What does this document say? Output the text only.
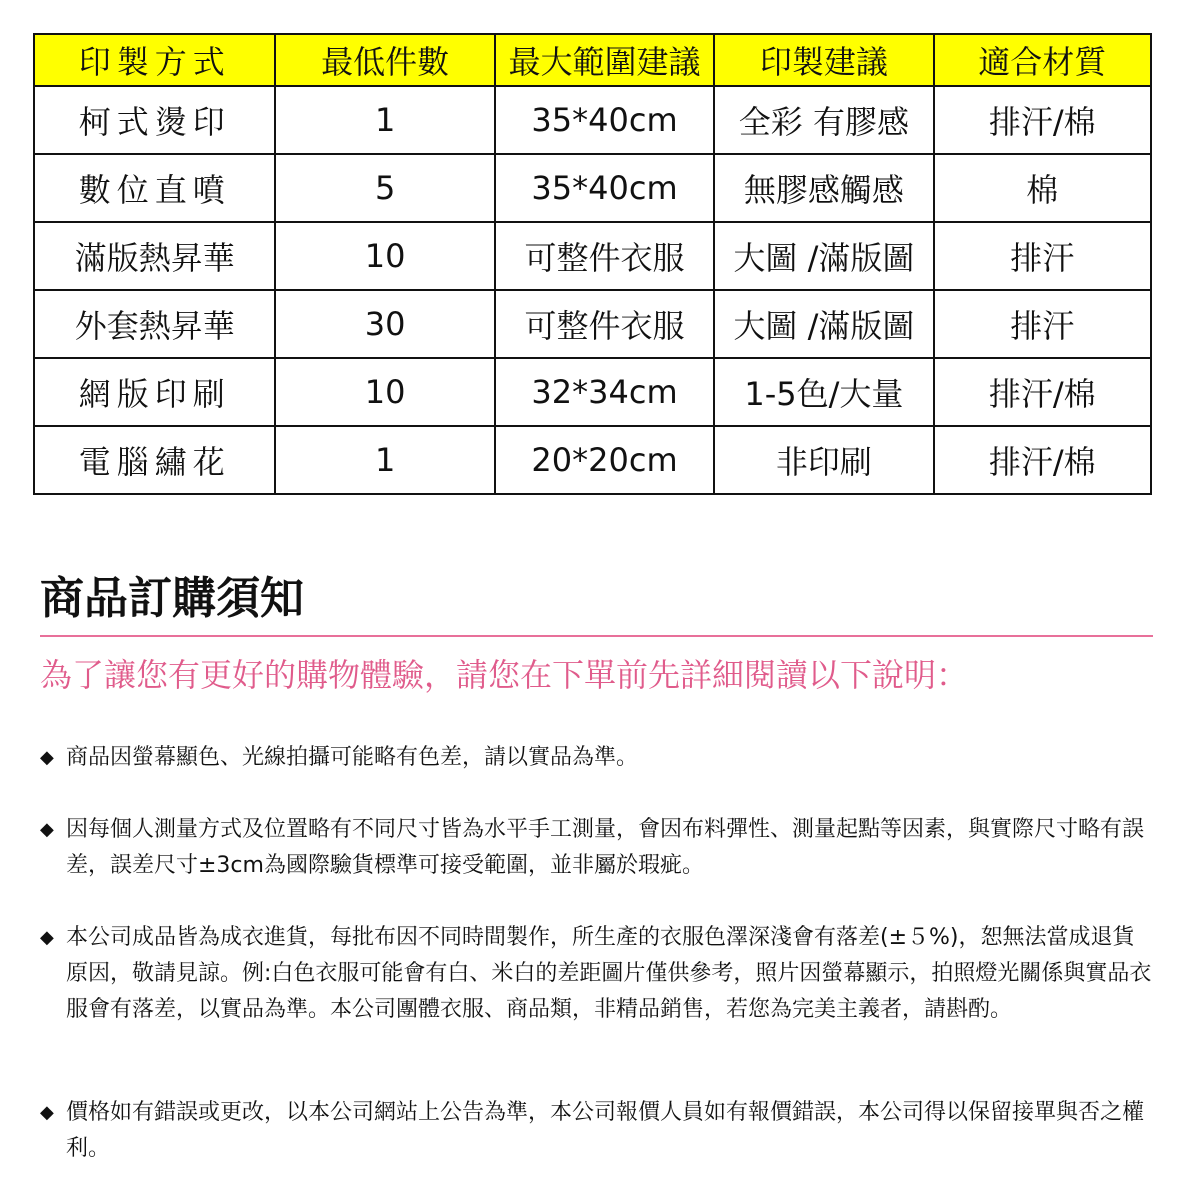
印製方式	最低件數	最大範圍建議	印製建議	適合材質
柯式燙印	1	35*40cm	全彩 有膠感	排汗/棉
數位直噴	5	35*40cm	無膠感觸感	棉
滿版熱昇華	10	可整件衣服	大圖 /滿版圖	排汗
外套熱昇華	30	可整件衣服	大圖 /滿版圖	排汗
網版印刷	10	32*34cm	1-5色/大量	排汗/棉
電腦繡花	1	20*20cm	非印刷	排汗/棉
商品訂購須知
為了讓您有更好的購物體驗，請您在下單前先詳細閱讀以下說明：
◆ 商品因螢幕顯色、光線拍攝可能略有色差，請以實品為準。
◆ 因每個人測量方式及位置略有不同尺寸皆為水平手工測量，會因布料彈性、測量起點等因素，與實際尺寸略有誤差，誤差尺寸±3cm為國際驗貨標準可接受範圍，並非屬於瑕疵。
◆ 本公司成品皆為成衣進貨，每批布因不同時間製作，所生產的衣服色澤深淺會有落差(±５%)，恕無法當成退貨原因，敬請見諒。例:白色衣服可能會有白、米白的差距圖片僅供參考，照片因螢幕顯示，拍照燈光關係與實品衣服會有落差，以實品為準。本公司團體衣服、商品類，非精品銷售，若您為完美主義者，請斟酌。
◆ 價格如有錯誤或更改，以本公司網站上公告為準，本公司報價人員如有報價錯誤，本公司得以保留接單與否之權利。
